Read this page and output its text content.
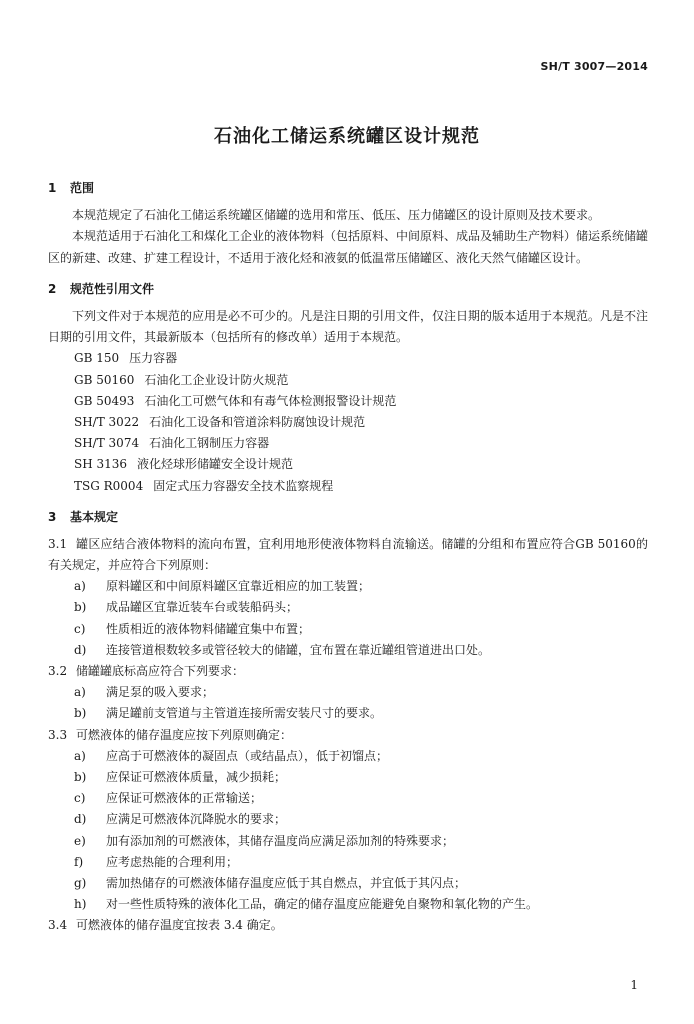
SH/T 3007—2014
石油化工储运系统罐区设计规范
1 范围

本规范规定了石油化工储运系统罐区储罐的选用和常压、低压、压力储罐区的设计原则及技术要求。

本规范适用于石油化工和煤化工企业的液体物料（包括原料、中间原料、成品及辅助生产物料）储运系统储罐区的新建、改建、扩建工程设计，不适用于液化烃和液氨的低温常压储罐区、液化天然气储罐区设计。

2 规范性引用文件

下列文件对于本规范的应用是必不可少的。凡是注日期的引用文件，仅注日期的版本适用于本规范。凡是不注日期的引用文件，其最新版本（包括所有的修改单）适用于本规范。

GB 150 压力容器
GB 50160 石油化工企业设计防火规范
GB 50493 石油化工可燃气体和有毒气体检测报警设计规范
SH/T 3022 石油化工设备和管道涂料防腐蚀设计规范
SH/T 3074 石油化工钢制压力容器
SH 3136 液化烃球形储罐安全设计规范
TSG R0004 固定式压力容器安全技术监察规程
3 基本规定

3.1 罐区应结合液体物料的流向布置，宜利用地形使液体物料自流输送。储罐的分组和布置应符合GB 50160的有关规定，并应符合下列原则：

a) 原料罐区和中间原料罐区宜靠近相应的加工装置；
b) 成品罐区宜靠近装车台或装船码头；
c) 性质相近的液体物料储罐宜集中布置；
d) 连接管道根数较多或管径较大的储罐，宜布置在靠近罐组管道进出口处。

3.2 储罐罐底标高应符合下列要求：

a) 满足泵的吸入要求；
b) 满足罐前支管道与主管道连接所需安装尺寸的要求。

3.3 可燃液体的储存温度应按下列原则确定：

a) 应高于可燃液体的凝固点（或结晶点），低于初馏点；
b) 应保证可燃液体质量，减少损耗；
c) 应保证可燃液体的正常输送；
d) 应满足可燃液体沉降脱水的要求；
e) 加有添加剂的可燃液体，其储存温度尚应满足添加剂的特殊要求；
f) 应考虑热能的合理利用；
g) 需加热储存的可燃液体储存温度应低于其自燃点，并宜低于其闪点；
h) 对一些性质特殊的液体化工品，确定的储存温度应能避免自聚物和氧化物的产生。

3.4 可燃液体的储存温度宜按表 3.4 确定。

1
